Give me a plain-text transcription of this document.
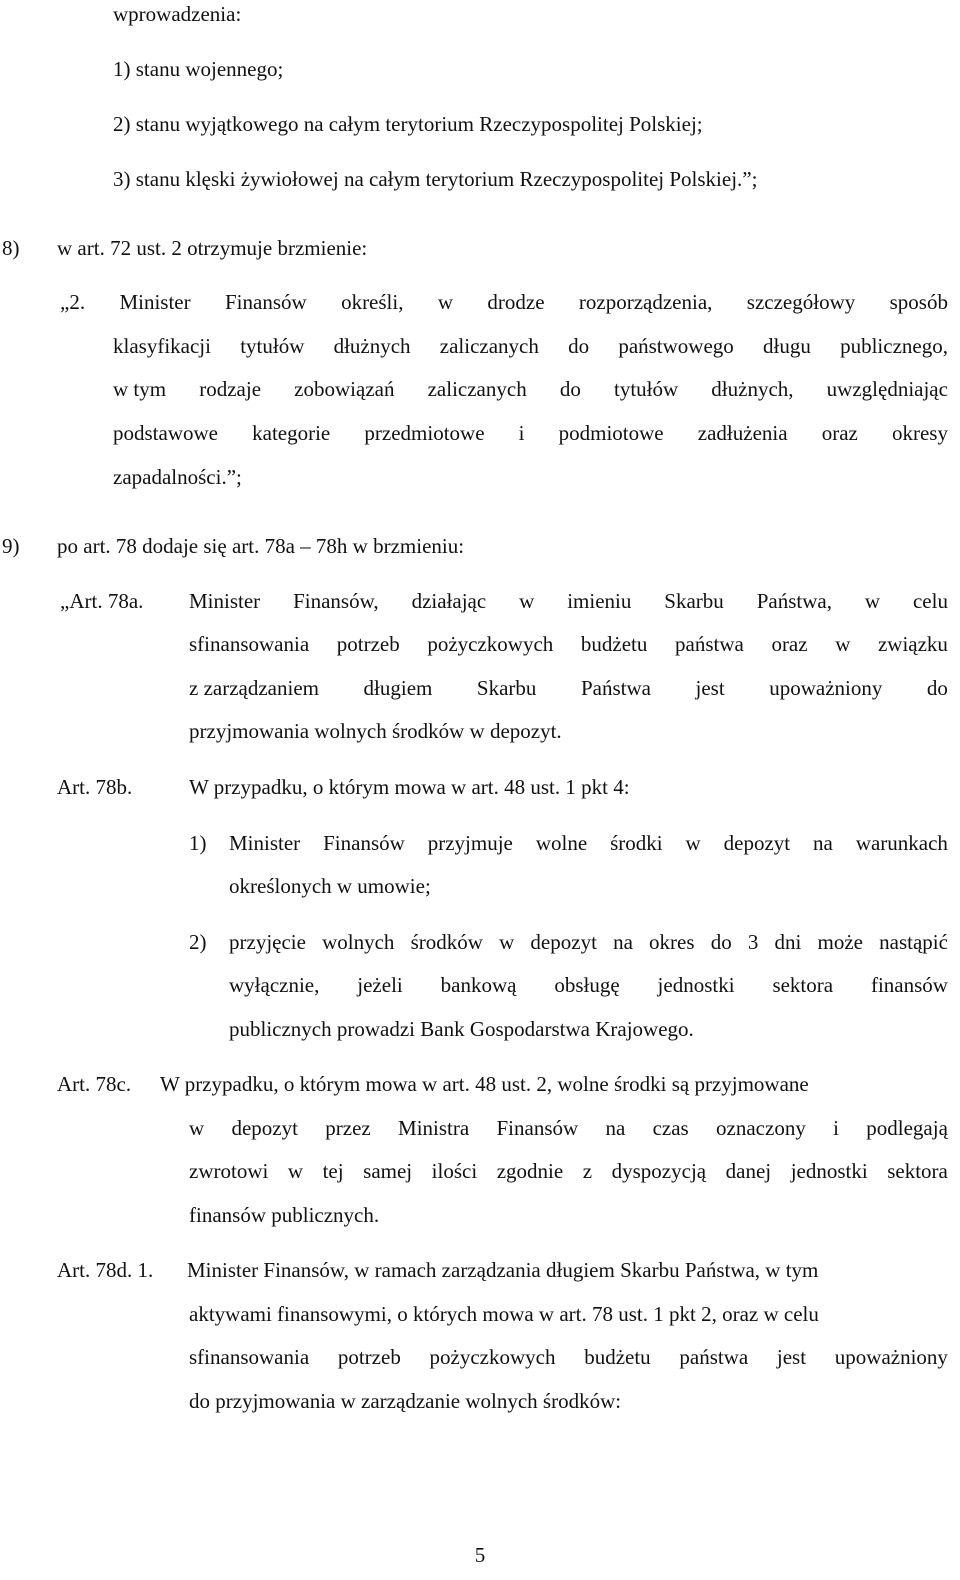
wprowadzenia:
1) stanu wojennego;
2) stanu wyjątkowego na całym terytorium Rzeczypospolitej Polskiej;
3) stanu klęski żywiołowej na całym terytorium Rzeczypospolitej Polskiej.”;
8) w art. 72 ust. 2 otrzymuje brzmienie:
„2. Minister Finansów określi, w drodze rozporządzenia, szczegółowy sposób
klasyfikacji tytułów dłużnych zaliczanych do państwowego długu publicznego,
w tym rodzaje zobowiązań zaliczanych do tytułów dłużnych, uwzględniając
podstawowe kategorie przedmiotowe i podmiotowe zadłużenia oraz okresy
zapadalności.”;
9) po art. 78 dodaje się art. 78a – 78h w brzmieniu:
„Art. 78a. Minister Finansów, działając w imieniu Skarbu Państwa, w celu
sfinansowania potrzeb pożyczkowych budżetu państwa oraz w związku
z zarządzaniem długiem Skarbu Państwa jest upoważniony do
przyjmowania wolnych środków w depozyt.
Art. 78b.	W przypadku, o którym mowa w art. 48 ust. 1 pkt 4:
1) Minister Finansów przyjmuje wolne środki w depozyt na warunkach
określonych w umowie;
2) przyjęcie wolnych środków w depozyt na okres do 3 dni może nastąpić
wyłącznie, jeżeli bankową obsługę jednostki sektora finansów
publicznych prowadzi Bank Gospodarstwa Krajowego.
Art. 78c. W przypadku, o którym mowa w art. 48 ust. 2, wolne środki są przyjmowane
w depozyt przez Ministra Finansów na czas oznaczony i podlegają
zwrotowi w tej samej ilości zgodnie z dyspozycją danej jednostki sektora
finansów publicznych.
Art. 78d. 1. Minister Finansów, w ramach zarządzania długiem Skarbu Państwa, w tym
aktywami finansowymi, o których mowa w art. 78 ust. 1 pkt 2, oraz w celu
sfinansowania potrzeb pożyczkowych budżetu państwa jest upoważniony
do przyjmowania w zarządzanie wolnych środków:
5
